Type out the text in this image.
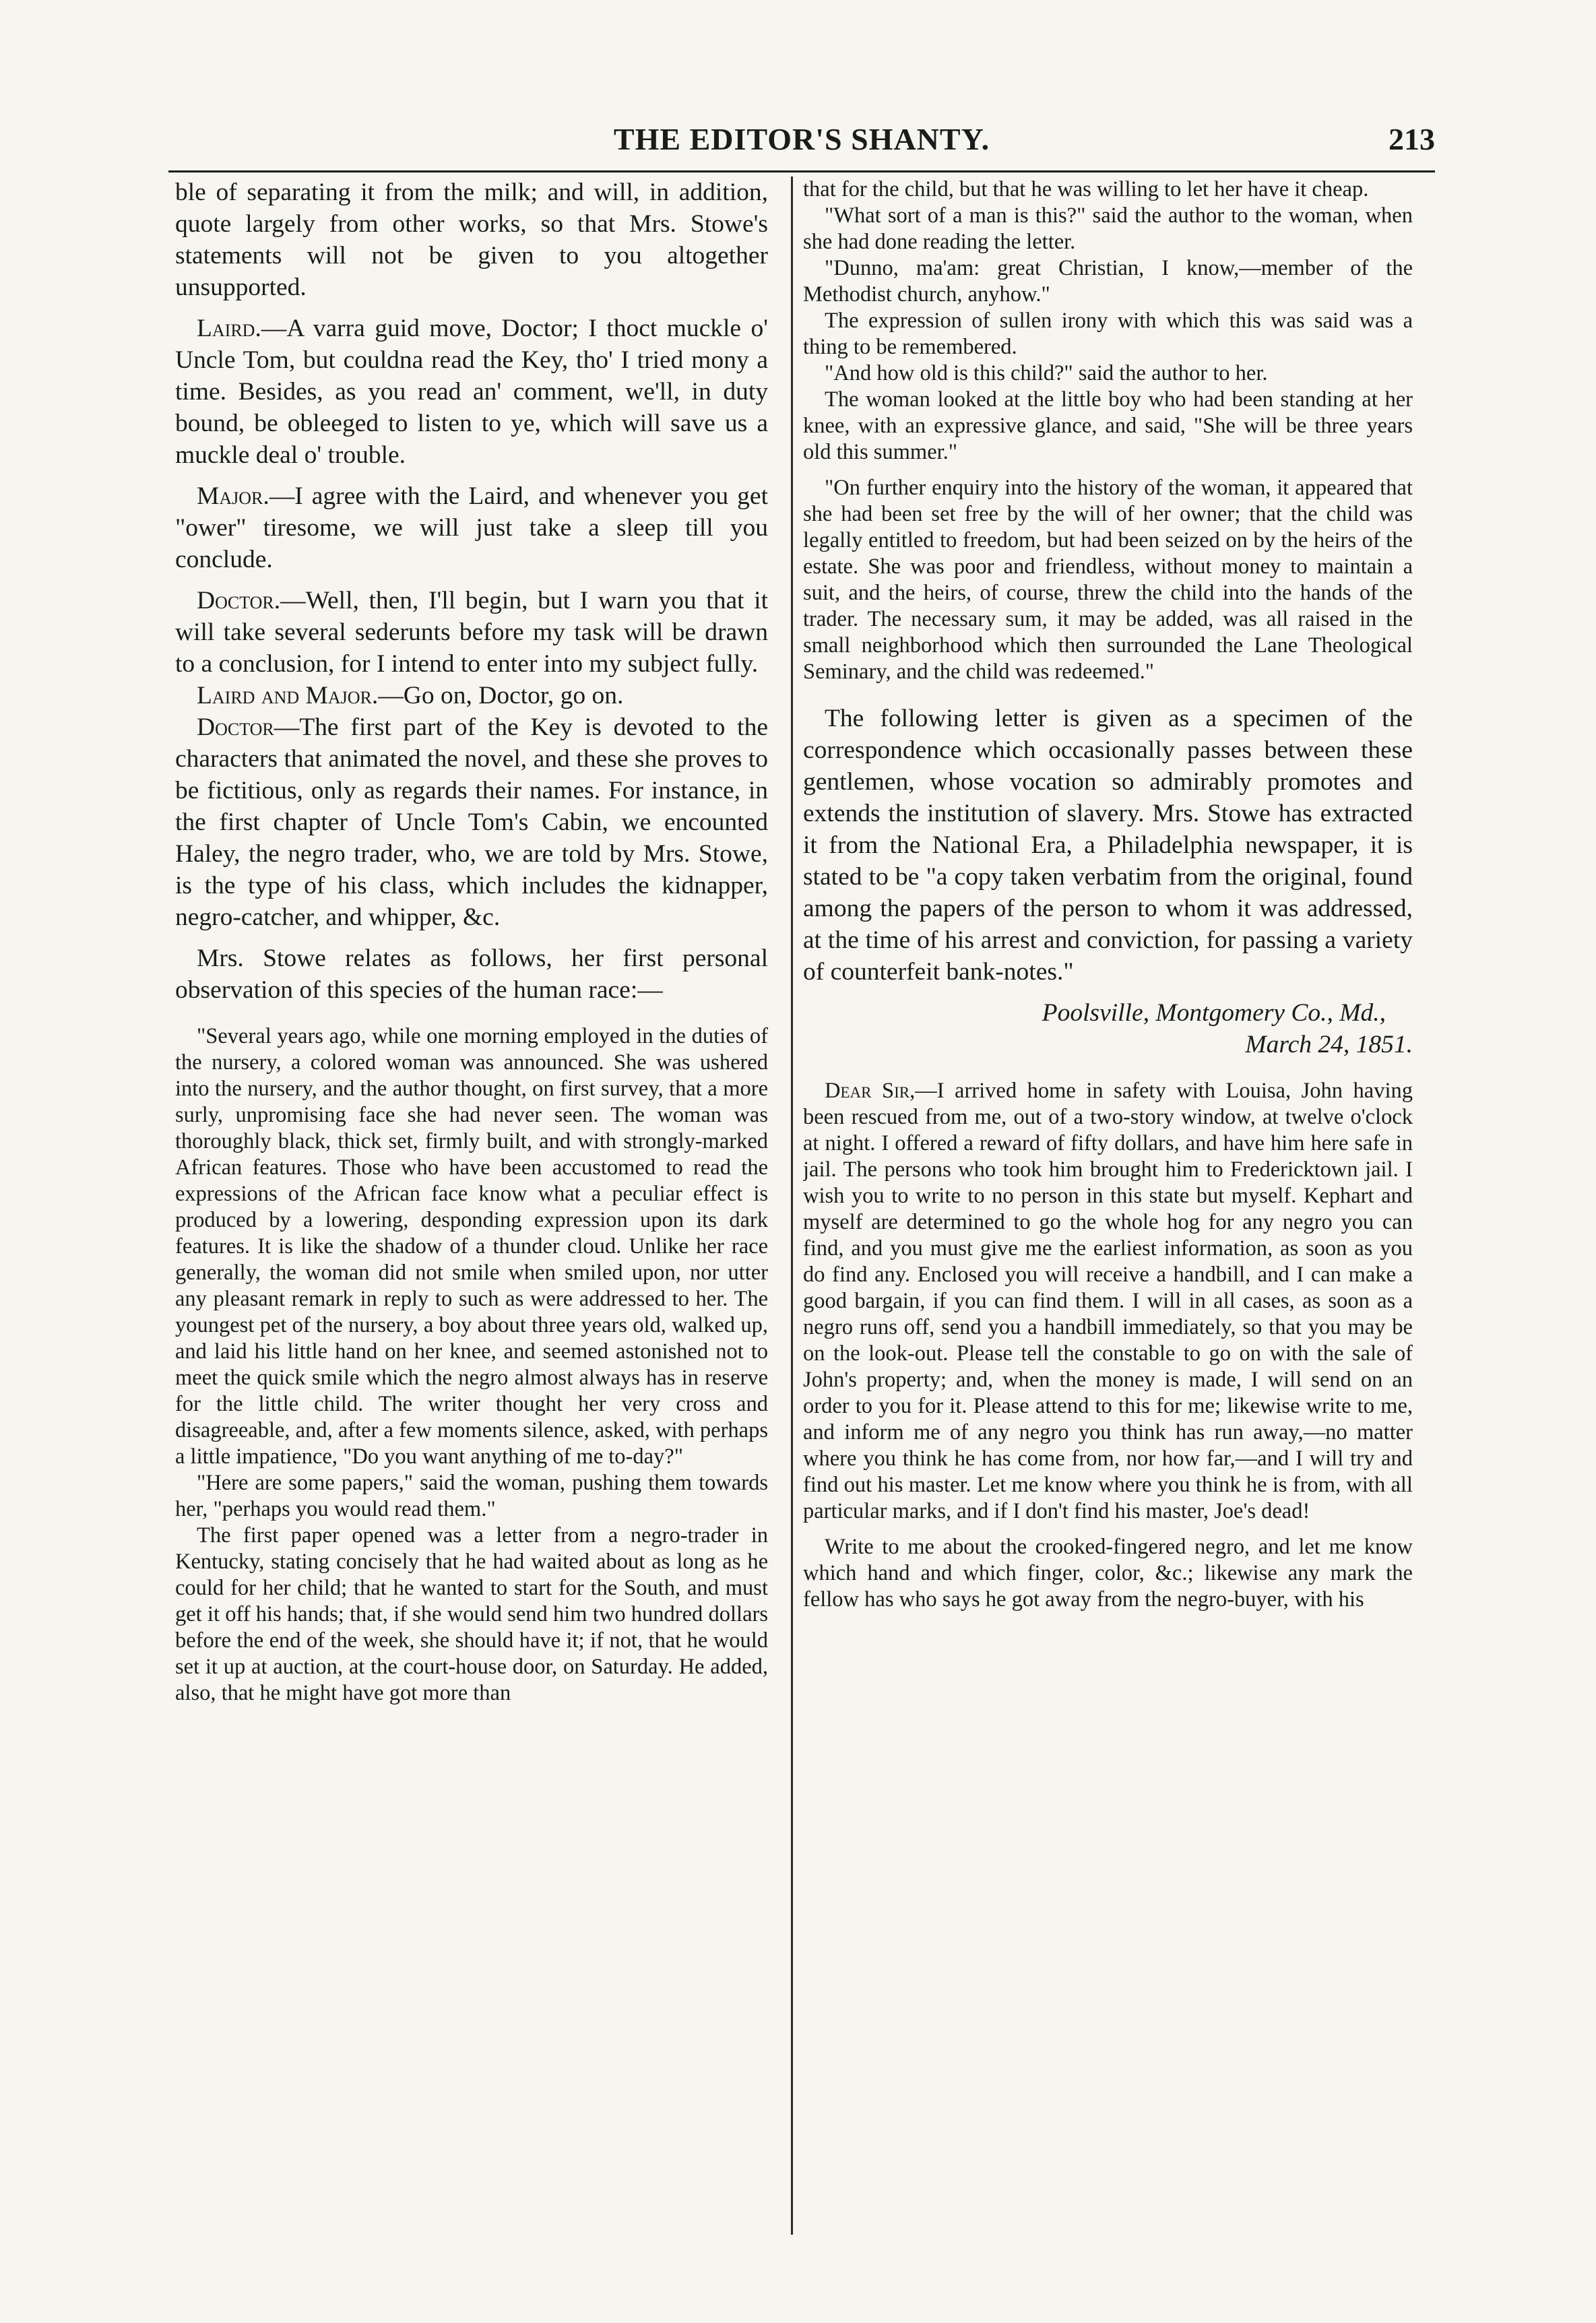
THE EDITOR'S SHANTY.	213

ble of separating it from the milk; and will, in addition, quote largely from other works, so that Mrs. Stowe's statements will not be given to you altogether unsupported.

Laird.—A varra guid move, Doctor; I thoct muckle o' Uncle Tom, but couldna read the Key, tho' I tried mony a time. Besides, as you read an' comment, we'll, in duty bound, be obleeged to listen to ye, which will save us a muckle deal o' trouble.

Major.—I agree with the Laird, and whenever you get "ower" tiresome, we will just take a sleep till you conclude.

Doctor.—Well, then, I'll begin, but I warn you that it will take several sederunts before my task will be drawn to a conclusion, for I intend to enter into my subject fully.

Laird and Major.—Go on, Doctor, go on.

Doctor—The first part of the Key is devoted to the characters that animated the novel, and these she proves to be fictitious, only as regards their names. For instance, in the first chapter of Uncle Tom's Cabin, we encounted Haley, the negro trader, who, we are told by Mrs. Stowe, is the type of his class, which includes the kidnapper, negro-catcher, and whipper, &c.

Mrs. Stowe relates as follows, her first personal observation of this species of the human race:—

"Several years ago, while one morning employed in the duties of the nursery, a colored woman was announced. She was ushered into the nursery, and the author thought, on first survey, that a more surly, unpromising face she had never seen. The woman was thoroughly black, thick set, firmly built, and with strongly-marked African features. Those who have been accustomed to read the expressions of the African face know what a peculiar effect is produced by a lowering, desponding expression upon its dark features. It is like the shadow of a thunder cloud. Unlike her race generally, the woman did not smile when smiled upon, nor utter any pleasant remark in reply to such as were addressed to her. The youngest pet of the nursery, a boy about three years old, walked up, and laid his little hand on her knee, and seemed astonished not to meet the quick smile which the negro almost always has in reserve for the little child. The writer thought her very cross and disagreeable, and, after a few moments silence, asked, with perhaps a little impatience, "Do you want anything of me to-day?"

"Here are some papers," said the woman, pushing them towards her, "perhaps you would read them."

The first paper opened was a letter from a negro-trader in Kentucky, stating concisely that he had waited about as long as he could for her child; that he wanted to start for the South, and must get it off his hands; that, if she would send him two hundred dollars before the end of the week, she should have it; if not, that he would set it up at auction, at the court-house door, on Saturday. He added, also, that he might have got more than

that for the child, but that he was willing to let her have it cheap.

"What sort of a man is this?" said the author to the woman, when she had done reading the letter.

"Dunno, ma'am: great Christian, I know,—member of the Methodist church, anyhow."

The expression of sullen irony with which this was said was a thing to be remembered.

"And how old is this child?" said the author to her.

The woman looked at the little boy who had been standing at her knee, with an expressive glance, and said, "She will be three years old this summer."

"On further enquiry into the history of the woman, it appeared that she had been set free by the will of her owner; that the child was legally entitled to freedom, but had been seized on by the heirs of the estate. She was poor and friendless, without money to maintain a suit, and the heirs, of course, threw the child into the hands of the trader. The necessary sum, it may be added, was all raised in the small neighborhood which then surrounded the Lane Theological Seminary, and the child was redeemed."

The following letter is given as a specimen of the correspondence which occasionally passes between these gentlemen, whose vocation so admirably promotes and extends the institution of slavery. Mrs. Stowe has extracted it from the National Era, a Philadelphia newspaper, it is stated to be "a copy taken verbatim from the original, found among the papers of the person to whom it was addressed, at the time of his arrest and conviction, for passing a variety of counterfeit bank-notes."

Poolsville, Montgomery Co., Md.,
March 24, 1851.

Dear Sir,—I arrived home in safety with Louisa, John having been rescued from me, out of a two-story window, at twelve o'clock at night. I offered a reward of fifty dollars, and have him here safe in jail. The persons who took him brought him to Fredericktown jail. I wish you to write to no person in this state but myself. Kephart and myself are determined to go the whole hog for any negro you can find, and you must give me the earliest information, as soon as you do find any. Enclosed you will receive a handbill, and I can make a good bargain, if you can find them. I will in all cases, as soon as a negro runs off, send you a handbill immediately, so that you may be on the look-out. Please tell the constable to go on with the sale of John's property; and, when the money is made, I will send on an order to you for it. Please attend to this for me; likewise write to me, and inform me of any negro you think has run away,—no matter where you think he has come from, nor how far,—and I will try and find out his master. Let me know where you think he is from, with all particular marks, and if I don't find his master, Joe's dead!

Write to me about the crooked-fingered negro, and let me know which hand and which finger, color, &c.; likewise any mark the fellow has who says he got away from the negro-buyer, with his
